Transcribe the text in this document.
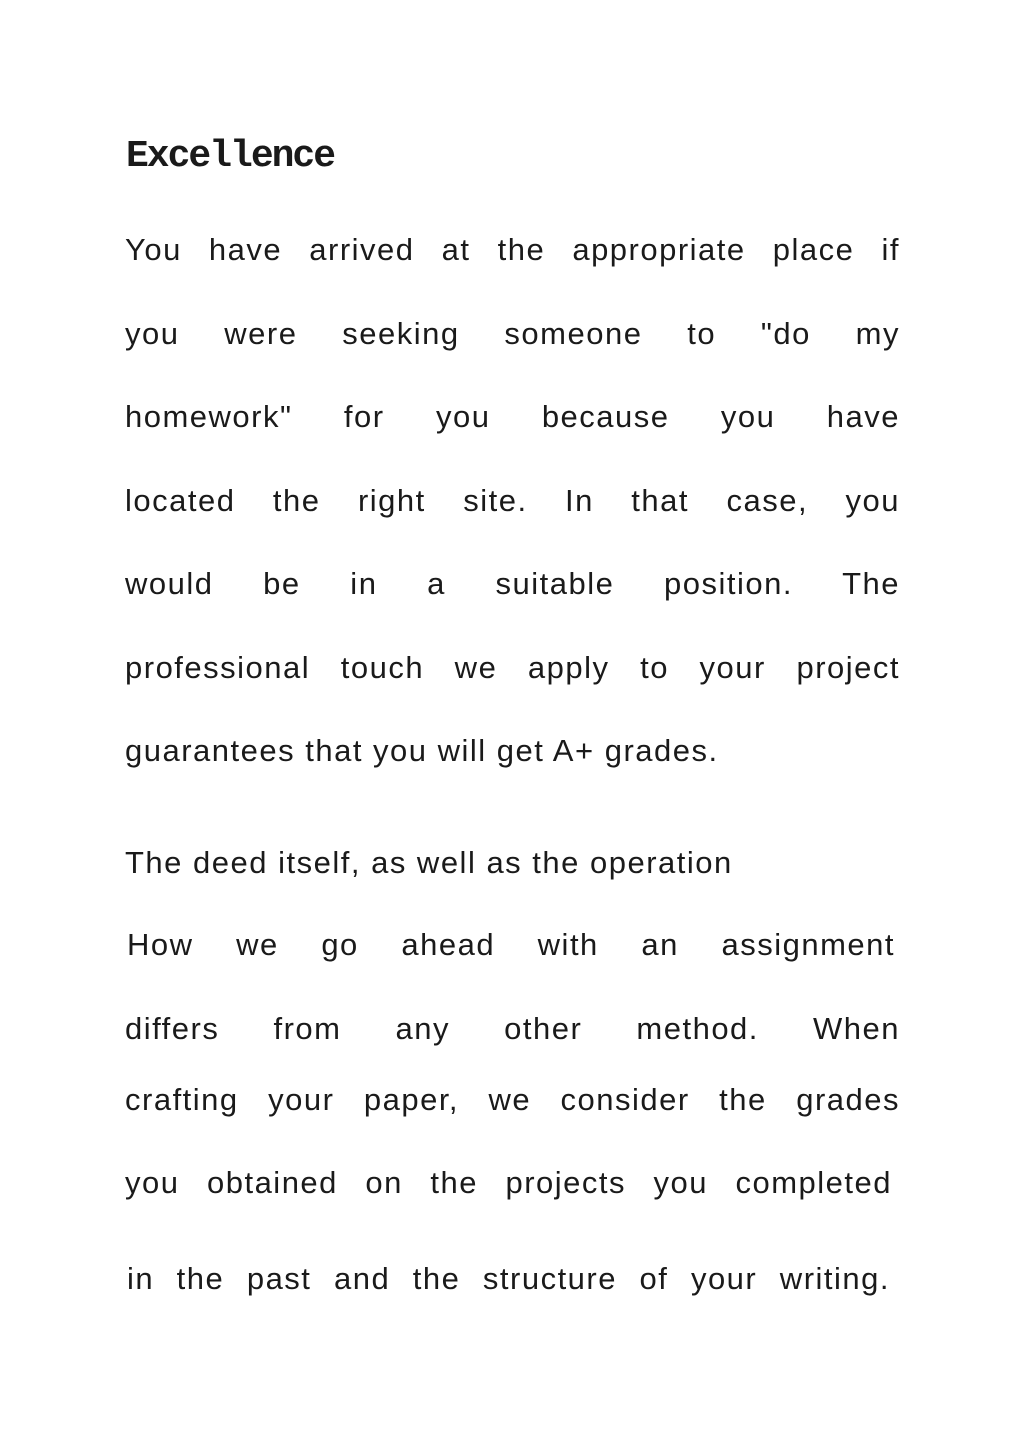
Excellence
You have arrived at the appropriate place if
you were seeking someone to "do my
homework" for you because you have
located the right site. In that case, you
would be in a suitable position. The
professional touch we apply to your project
guarantees that you will get A+ grades.
The deed itself, as well as the operation
How we go ahead with an assignment
differs from any other method. When
crafting your paper, we consider the grades
you obtained on the projects you completed
in the past and the structure of your writing.
